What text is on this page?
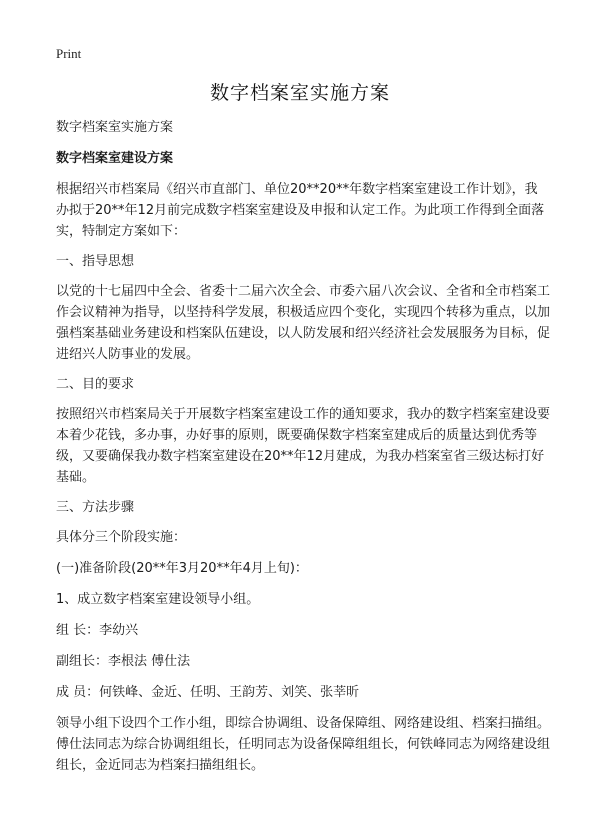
Print
数字档案室实施方案

数字档案室实施方案

数字档案室建设方案

根据绍兴市档案局《绍兴市直部门、单位20**20**年数字档案室建设工作计划》，我办拟于20**年12月前完成数字档案室建设及申报和认定工作。为此项工作得到全面落实，特制定方案如下：

一、指导思想

以党的十七届四中全会、省委十二届六次全会、市委六届八次会议、全省和全市档案工作会议精神为指导，以坚持科学发展，积极适应四个变化，实现四个转移为重点，以加强档案基础业务建设和档案队伍建设，以人防发展和绍兴经济社会发展服务为目标，促进绍兴人防事业的发展。

二、目的要求

按照绍兴市档案局关于开展数字档案室建设工作的通知要求，我办的数字档案室建设要本着少花钱，多办事，办好事的原则，既要确保数字档案室建成后的质量达到优秀等级，又要确保我办数字档案室建设在20**年12月建成，为我办档案室省三级达标打好基础。

三、方法步骤

具体分三个阶段实施：

(一)准备阶段(20**年3月20**年4月上旬)：

1、成立数字档案室建设领导小组。

组 长：李幼兴

副组长：李根法 傅仕法

成 员：何铁峰、金近、任明、王韵芳、刘笑、张莘昕

领导小组下设四个工作小组，即综合协调组、设备保障组、网络建设组、档案扫描组。傅仕法同志为综合协调组组长，任明同志为设备保障组组长，何铁峰同志为网络建设组组长，金近同志为档案扫描组组长。
